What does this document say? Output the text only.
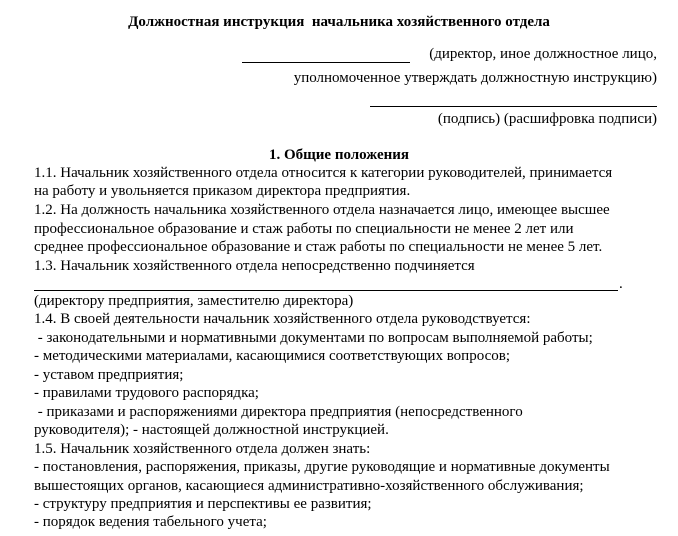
Должностная инструкция  начальника хозяйственного отдела
(директор, иное должностное лицо,
уполномоченное утверждать должностную инструкцию)
(подпись) (расшифровка подписи)
1. Общие положения
1.1. Начальник хозяйственного отдела относится к категории руководителей, принимается
на работу и увольняется приказом директора предприятия.
1.2. На должность начальника хозяйственного отдела назначается лицо, имеющее высшее
профессиональное образование и стаж работы по специальности не менее 2 лет или
среднее профессиональное образование и стаж работы по специальности не менее 5 лет.
1.3. Начальник хозяйственного отдела непосредственно подчиняется
.
(директору предприятия, заместителю директора)
1.4. В своей деятельности начальник хозяйственного отдела руководствуется:
- законодательными и нормативными документами по вопросам выполняемой работы;
- методическими материалами, касающимися соответствующих вопросов;
- уставом предприятия;
- правилами трудового распорядка;
- приказами и распоряжениями директора предприятия (непосредственного
руководителя); - настоящей должностной инструкцией.
1.5. Начальник хозяйственного отдела должен знать:
- постановления, распоряжения, приказы, другие руководящие и нормативные документы
вышестоящих органов, касающиеся административно-хозяйственного обслуживания;
- структуру предприятия и перспективы ее развития;
- порядок ведения табельного учета;
